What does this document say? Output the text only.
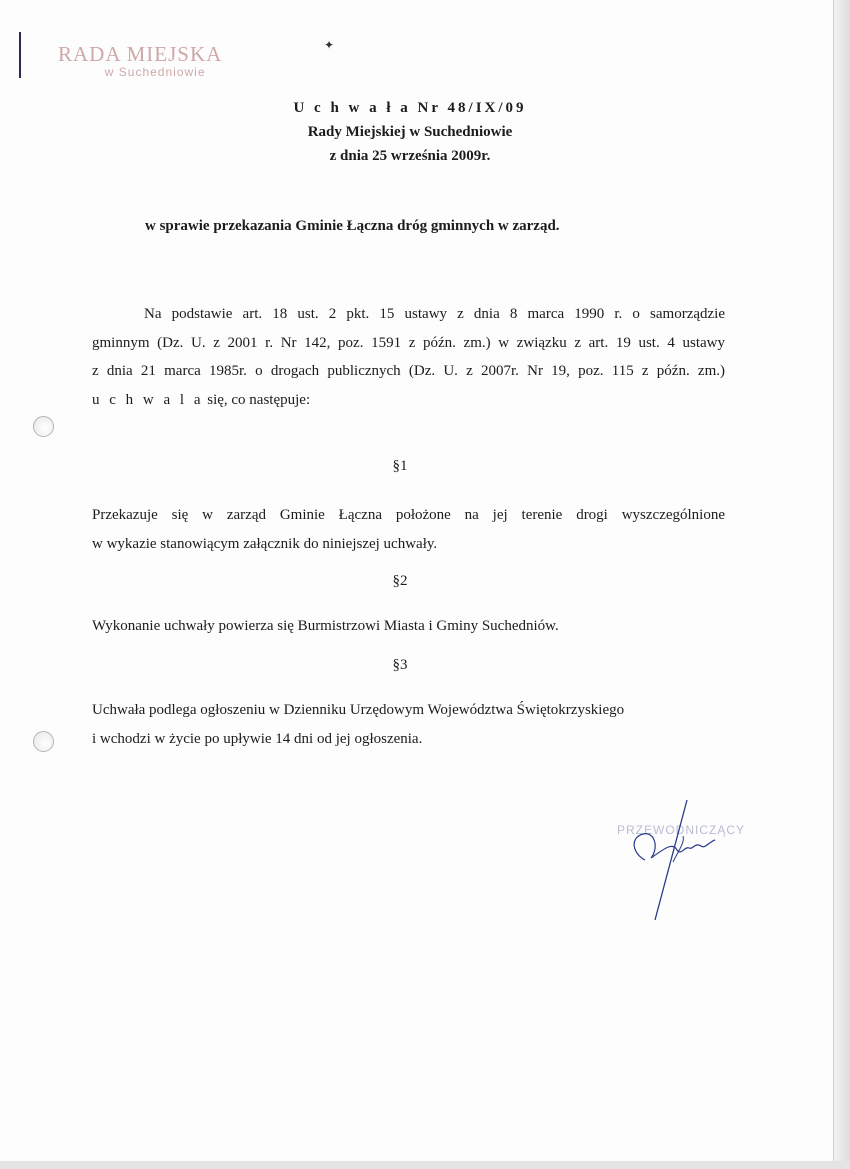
✦
RADA MIEJSKA
w Suchedniowie
U c h w a ł a Nr 48/IX/09
Rady Miejskiej w Suchedniowie
z dnia 25 września 2009r.
w sprawie przekazania Gminie Łączna dróg gminnych w zarząd.
Na podstawie art. 18 ust. 2 pkt. 15 ustawy z dnia 8 marca 1990 r. o samorządzie
gminnym (Dz. U. z 2001 r. Nr 142, poz. 1591 z późn. zm.) w związku z art. 19 ust. 4 ustawy
z dnia 21 marca 1985r. o drogach publicznych (Dz. U. z 2007r. Nr 19, poz. 115 z późn. zm.)
u c h w a l a się, co następuje:
§1
Przekazuje się w zarząd Gminie Łączna położone na jej terenie drogi wyszczególnione
w wykazie stanowiącym załącznik do niniejszej uchwały.
§2
Wykonanie uchwały powierza się Burmistrzowi Miasta i Gminy Suchedniów.
§3
Uchwała podlega ogłoszeniu w Dzienniku Urzędowym Województwa Świętokrzyskiego
i wchodzi w życie po upływie 14 dni od jej ogłoszenia.
PRZEWODNICZĄCY
